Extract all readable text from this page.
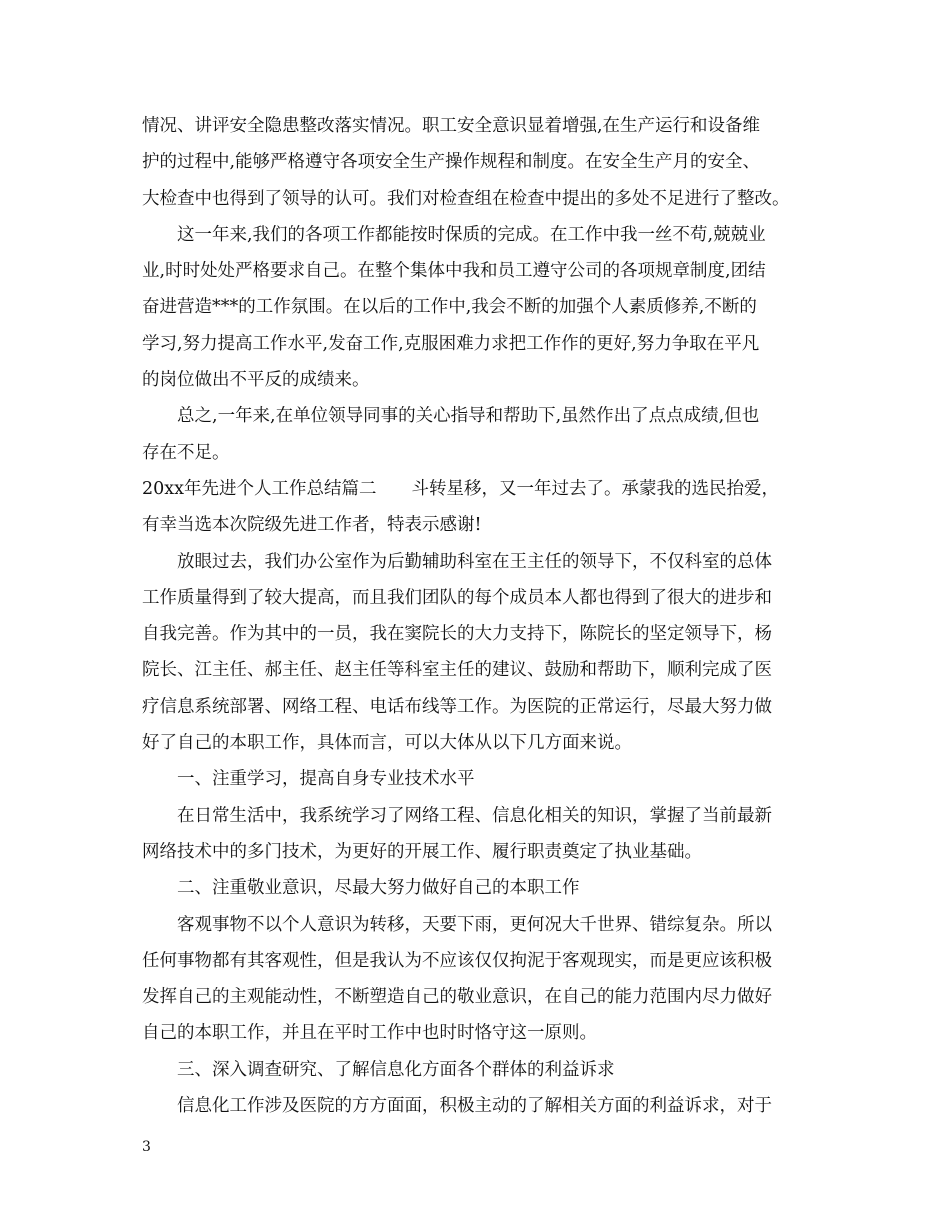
情况、讲评安全隐患整改落实情况。职工安全意识显着增强,在生产运行和设备维
护的过程中,能够严格遵守各项安全生产操作规程和制度。在安全生产月的安全、
大检查中也得到了领导的认可。我们对检查组在检查中提出的多处不足进行了整改。
这一年来,我们的各项工作都能按时保质的完成。在工作中我一丝不苟,兢兢业
业,时时处处严格要求自己。在整个集体中我和员工遵守公司的各项规章制度,团结
奋进营造***的工作氛围。在以后的工作中,我会不断的加强个人素质修养,不断的
学习,努力提高工作水平,发奋工作,克服困难力求把工作作的更好,努力争取在平凡
的岗位做出不平反的成绩来。
总之,一年来,在单位领导同事的关心指导和帮助下,虽然作出了点点成绩,但也
存在不足。
20xx年先进个人工作总结篇二　　斗转星移，又一年过去了。承蒙我的选民抬爱，
有幸当选本次院级先进工作者，特表示感谢!
放眼过去，我们办公室作为后勤辅助科室在王主任的领导下，不仅科室的总体
工作质量得到了较大提高，而且我们团队的每个成员本人都也得到了很大的进步和
自我完善。作为其中的一员，我在窦院长的大力支持下，陈院长的坚定领导下，杨
院长、江主任、郝主任、赵主任等科室主任的建议、鼓励和帮助下，顺利完成了医
疗信息系统部署、网络工程、电话布线等工作。为医院的正常运行，尽最大努力做
好了自己的本职工作，具体而言，可以大体从以下几方面来说。
一、注重学习，提高自身专业技术水平
在日常生活中，我系统学习了网络工程、信息化相关的知识，掌握了当前最新
网络技术中的多门技术，为更好的开展工作、履行职责奠定了执业基础。
二、注重敬业意识，尽最大努力做好自己的本职工作
客观事物不以个人意识为转移，天要下雨，更何况大千世界、错综复杂。所以
任何事物都有其客观性，但是我认为不应该仅仅拘泥于客观现实，而是更应该积极
发挥自己的主观能动性，不断塑造自己的敬业意识，在自己的能力范围内尽力做好
自己的本职工作，并且在平时工作中也时时恪守这一原则。
三、深入调查研究、了解信息化方面各个群体的利益诉求
信息化工作涉及医院的方方面面，积极主动的了解相关方面的利益诉求，对于
3
